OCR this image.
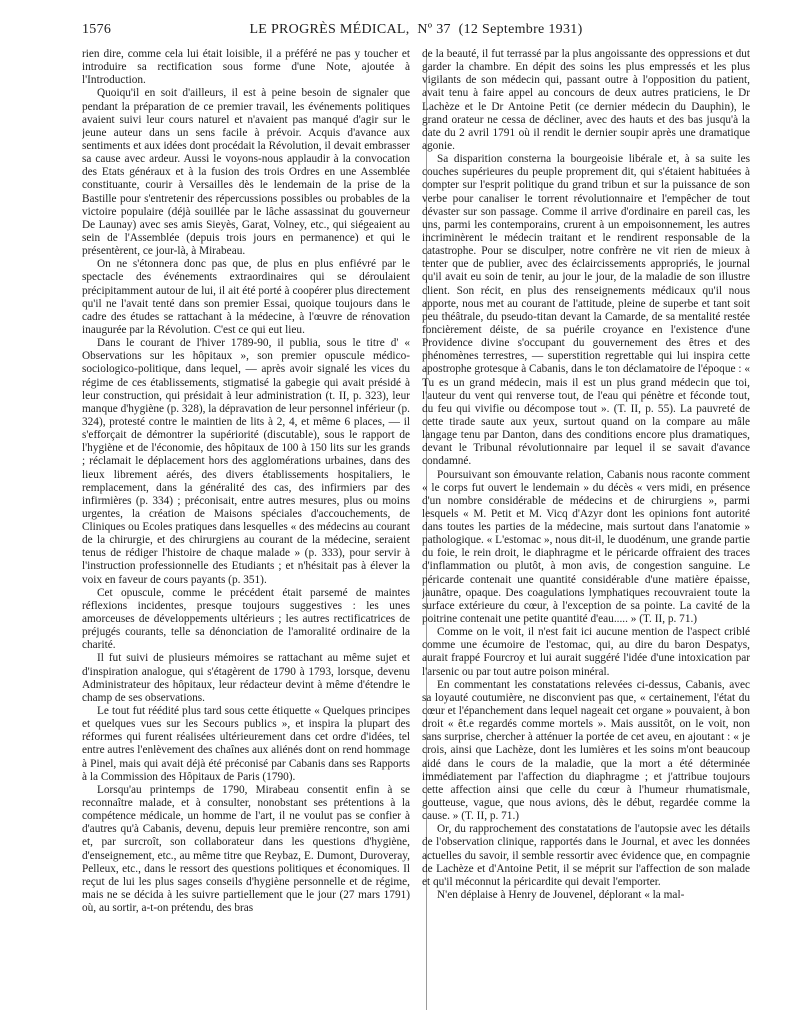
1576	LE PROGRÈS MÉDICAL, Nº 37 (12 Septembre 1931)

rien dire, comme cela lui était loisible, il a préféré ne pas y toucher et introduire sa rectification sous forme d'une Note, ajoutée à l'Introduction.

Quoiqu'il en soit d'ailleurs, il est à peine besoin de signaler que pendant la préparation de ce premier travail, les événements politiques avaient suivi leur cours naturel et n'avaient pas manqué d'agir sur le jeune auteur dans un sens facile à prévoir. Acquis d'avance aux sentiments et aux idées dont procédait la Révolution, il devait embrasser sa cause avec ardeur. Aussi le voyons-nous applaudir à la convocation des Etats généraux et à la fusion des trois Ordres en une Assemblée constituante, courir à Versailles dès le lendemain de la prise de la Bastille pour s'entretenir des répercussions possibles ou probables de la victoire populaire (déjà souillée par le lâche assassinat du gouverneur De Launay) avec ses amis Sieyès, Garat, Volney, etc., qui siégeaient au sein de l'Assemblée (depuis trois jours en permanence) et qui le présentèrent, ce jour-là, à Mirabeau.

On ne s'étonnera donc pas que, de plus en plus enfiévré par le spectacle des événements extraordinaires qui se déroulaient précipitamment autour de lui, il ait été porté à coopérer plus directement qu'il ne l'avait tenté dans son premier Essai, quoique toujours dans le cadre des études se rattachant à la médecine, à l'œuvre de rénovation inaugurée par la Révolution. C'est ce qui eut lieu.

Dans le courant de l'hiver 1789-90, il publia, sous le titre d' « Observations sur les hôpitaux », son premier opuscule médico-sociologico-politique, dans lequel, — après avoir signalé les vices du régime de ces établissements, stigmatisé la gabegie qui avait présidé à leur construction, qui présidait à leur administration (t. II, p. 323), leur manque d'hygiène (p. 328), la dépravation de leur personnel inférieur (p. 324), protesté contre le maintien de lits à 2, 4, et même 6 places, — il s'efforçait de démontrer la supériorité (discutable), sous le rapport de l'hygiène et de l'économie, des hôpitaux de 100 à 150 lits sur les grands ; réclamait le déplacement hors des agglomérations urbaines, dans des lieux librement aérés, des divers établissements hospitaliers, le remplacement, dans la généralité des cas, des infirmiers par des infirmières (p. 334) ; préconisait, entre autres mesures, plus ou moins urgentes, la création de Maisons spéciales d'accouchements, de Cliniques ou Ecoles pratiques dans lesquelles « des médecins au courant de la chirurgie, et des chirurgiens au courant de la médecine, seraient tenus de rédiger l'histoire de chaque malade » (p. 333), pour servir à l'instruction professionnelle des Etudiants ; et n'hésitait pas à élever la voix en faveur de cours payants (p. 351).

Cet opuscule, comme le précédent était parsemé de maintes réflexions incidentes, presque toujours suggestives : les unes amorceuses de développements ultérieurs ; les autres rectificatrices de préjugés courants, telle sa dénonciation de l'amoralité ordinaire de la charité.

Il fut suivi de plusieurs mémoires se rattachant au même sujet et d'inspiration analogue, qui s'étagèrent de 1790 à 1793, lorsque, devenu Administrateur des hôpitaux, leur rédacteur devint à même d'étendre le champ de ses observations.

Le tout fut réédité plus tard sous cette étiquette « Quelques principes et quelques vues sur les Secours publics », et inspira la plupart des réformes qui furent réalisées ultérieurement dans cet ordre d'idées, tel entre autres l'enlèvement des chaînes aux aliénés dont on rend hommage à Pinel, mais qui avait déjà été préconisé par Cabanis dans ses Rapports à la Commission des Hôpitaux de Paris (1790).

Lorsqu'au printemps de 1790, Mirabeau consentit enfin à se reconnaître malade, et à consulter, nonobstant ses prétentions à la compétence médicale, un homme de l'art, il ne voulut pas se confier à d'autres qu'à Cabanis, devenu, depuis leur première rencontre, son ami et, par surcroît, son collaborateur dans les questions d'hygiène, d'enseignement, etc., au même titre que Reybaz, E. Dumont, Duroveray, Pelleux, etc., dans le ressort des questions politiques et économiques. Il reçut de lui les plus sages conseils d'hygiène personnelle et de régime, mais ne se décida à les suivre partiellement que le jour (27 mars 1791) où, au sortir, a-t-on prétendu, des bras

de la beauté, il fut terrassé par la plus angoissante des oppressions et dut garder la chambre. En dépit des soins les plus empressés et les plus vigilants de son médecin qui, passant outre à l'opposition du patient, avait tenu à faire appel au concours de deux autres praticiens, le Dr Lachèze et le Dr Antoine Petit (ce dernier médecin du Dauphin), le grand orateur ne cessa de décliner, avec des hauts et des bas jusqu'à la date du 2 avril 1791 où il rendit le dernier soupir après une dramatique agonie.

Sa disparition consterna la bourgeoisie libérale et, à sa suite les couches supérieures du peuple proprement dit, qui s'étaient habituées à compter sur l'esprit politique du grand tribun et sur la puissance de son verbe pour canaliser le torrent révolutionnaire et l'empêcher de tout dévaster sur son passage. Comme il arrive d'ordinaire en pareil cas, les uns, parmi les contemporains, crurent à un empoisonnement, les autres incriminèrent le médecin traitant et le rendirent responsable de la catastrophe. Pour se disculper, notre confrère ne vit rien de mieux à tenter que de publier, avec des éclaircissements appropriés, le journal qu'il avait eu soin de tenir, au jour le jour, de la maladie de son illustre client. Son récit, en plus des renseignements médicaux qu'il nous apporte, nous met au courant de l'attitude, pleine de superbe et tant soit peu théâtrale, du pseudo-titan devant la Camarde, de sa mentalité restée foncièrement déiste, de sa puérile croyance en l'existence d'une Providence divine s'occupant du gouvernement des êtres et des phénomènes terrestres, — superstition regrettable qui lui inspira cette apostrophe grotesque à Cabanis, dans le ton déclamatoire de l'époque : « Tu es un grand médecin, mais il est un plus grand médecin que toi, l'auteur du vent qui renverse tout, de l'eau qui pénètre et féconde tout, du feu qui vivifie ou décompose tout ». (T. II, p. 55). La pauvreté de cette tirade saute aux yeux, surtout quand on la compare au mâle langage tenu par Danton, dans des conditions encore plus dramatiques, devant le Tribunal révolutionnaire par lequel il se savait d'avance condamné.

Poursuivant son émouvante relation, Cabanis nous raconte comment « le corps fut ouvert le lendemain » du décès « vers midi, en présence d'un nombre considérable de médecins et de chirurgiens », parmi lesquels « M. Petit et M. Vicq d'Azyr dont les opinions font autorité dans toutes les parties de la médecine, mais surtout dans l'anatomie » pathologique. « L'estomac », nous dit-il, le duodénum, une grande partie du foie, le rein droit, le diaphragme et le péricarde offraient des traces d'inflammation ou plutôt, à mon avis, de congestion sanguine. Le péricarde contenait une quantité considérable d'une matière épaisse, jaunâtre, opaque. Des coagulations lymphatiques recouvraient toute la surface extérieure du cœur, à l'exception de sa pointe. La cavité de la poitrine contenait une petite quantité d'eau..... » (T. II, p. 71.)

Comme on le voit, il n'est fait ici aucune mention de l'aspect criblé comme une écumoire de l'estomac, qui, au dire du baron Despatys, aurait frappé Fourcroy et lui aurait suggéré l'idée d'une intoxication par l'arsenic ou par tout autre poison minéral.

En commentant les constatations relevées ci-dessus, Cabanis, avec sa loyauté coutumière, ne disconvient pas que, « certainement, l'état du cœur et l'épanchement dans lequel nageait cet organe » pouvaient, à bon droit « êt.e regardés comme mortels ». Mais aussitôt, on le voit, non sans surprise, chercher à atténuer la portée de cet aveu, en ajoutant : « je crois, ainsi que Lachèze, dont les lumières et les soins m'ont beaucoup aidé dans le cours de la maladie, que la mort a été déterminée immédiatement par l'affection du diaphragme ; et j'attribue toujours cette affection ainsi que celle du cœur à l'humeur rhumatismale, goutteuse, vague, que nous avions, dès le début, regardée comme la cause. » (T. II, p. 71.)

Or, du rapprochement des constatations de l'autopsie avec les détails de l'observation clinique, rapportés dans le Journal, et avec les données actuelles du savoir, il semble ressortir avec évidence que, en compagnie de Lachèze et d'Antoine Petit, il se méprit sur l'affection de son malade et qu'il méconnut la péricardite qui devait l'emporter.

N'en déplaise à Henry de Jouvenel, déplorant « la mal-
